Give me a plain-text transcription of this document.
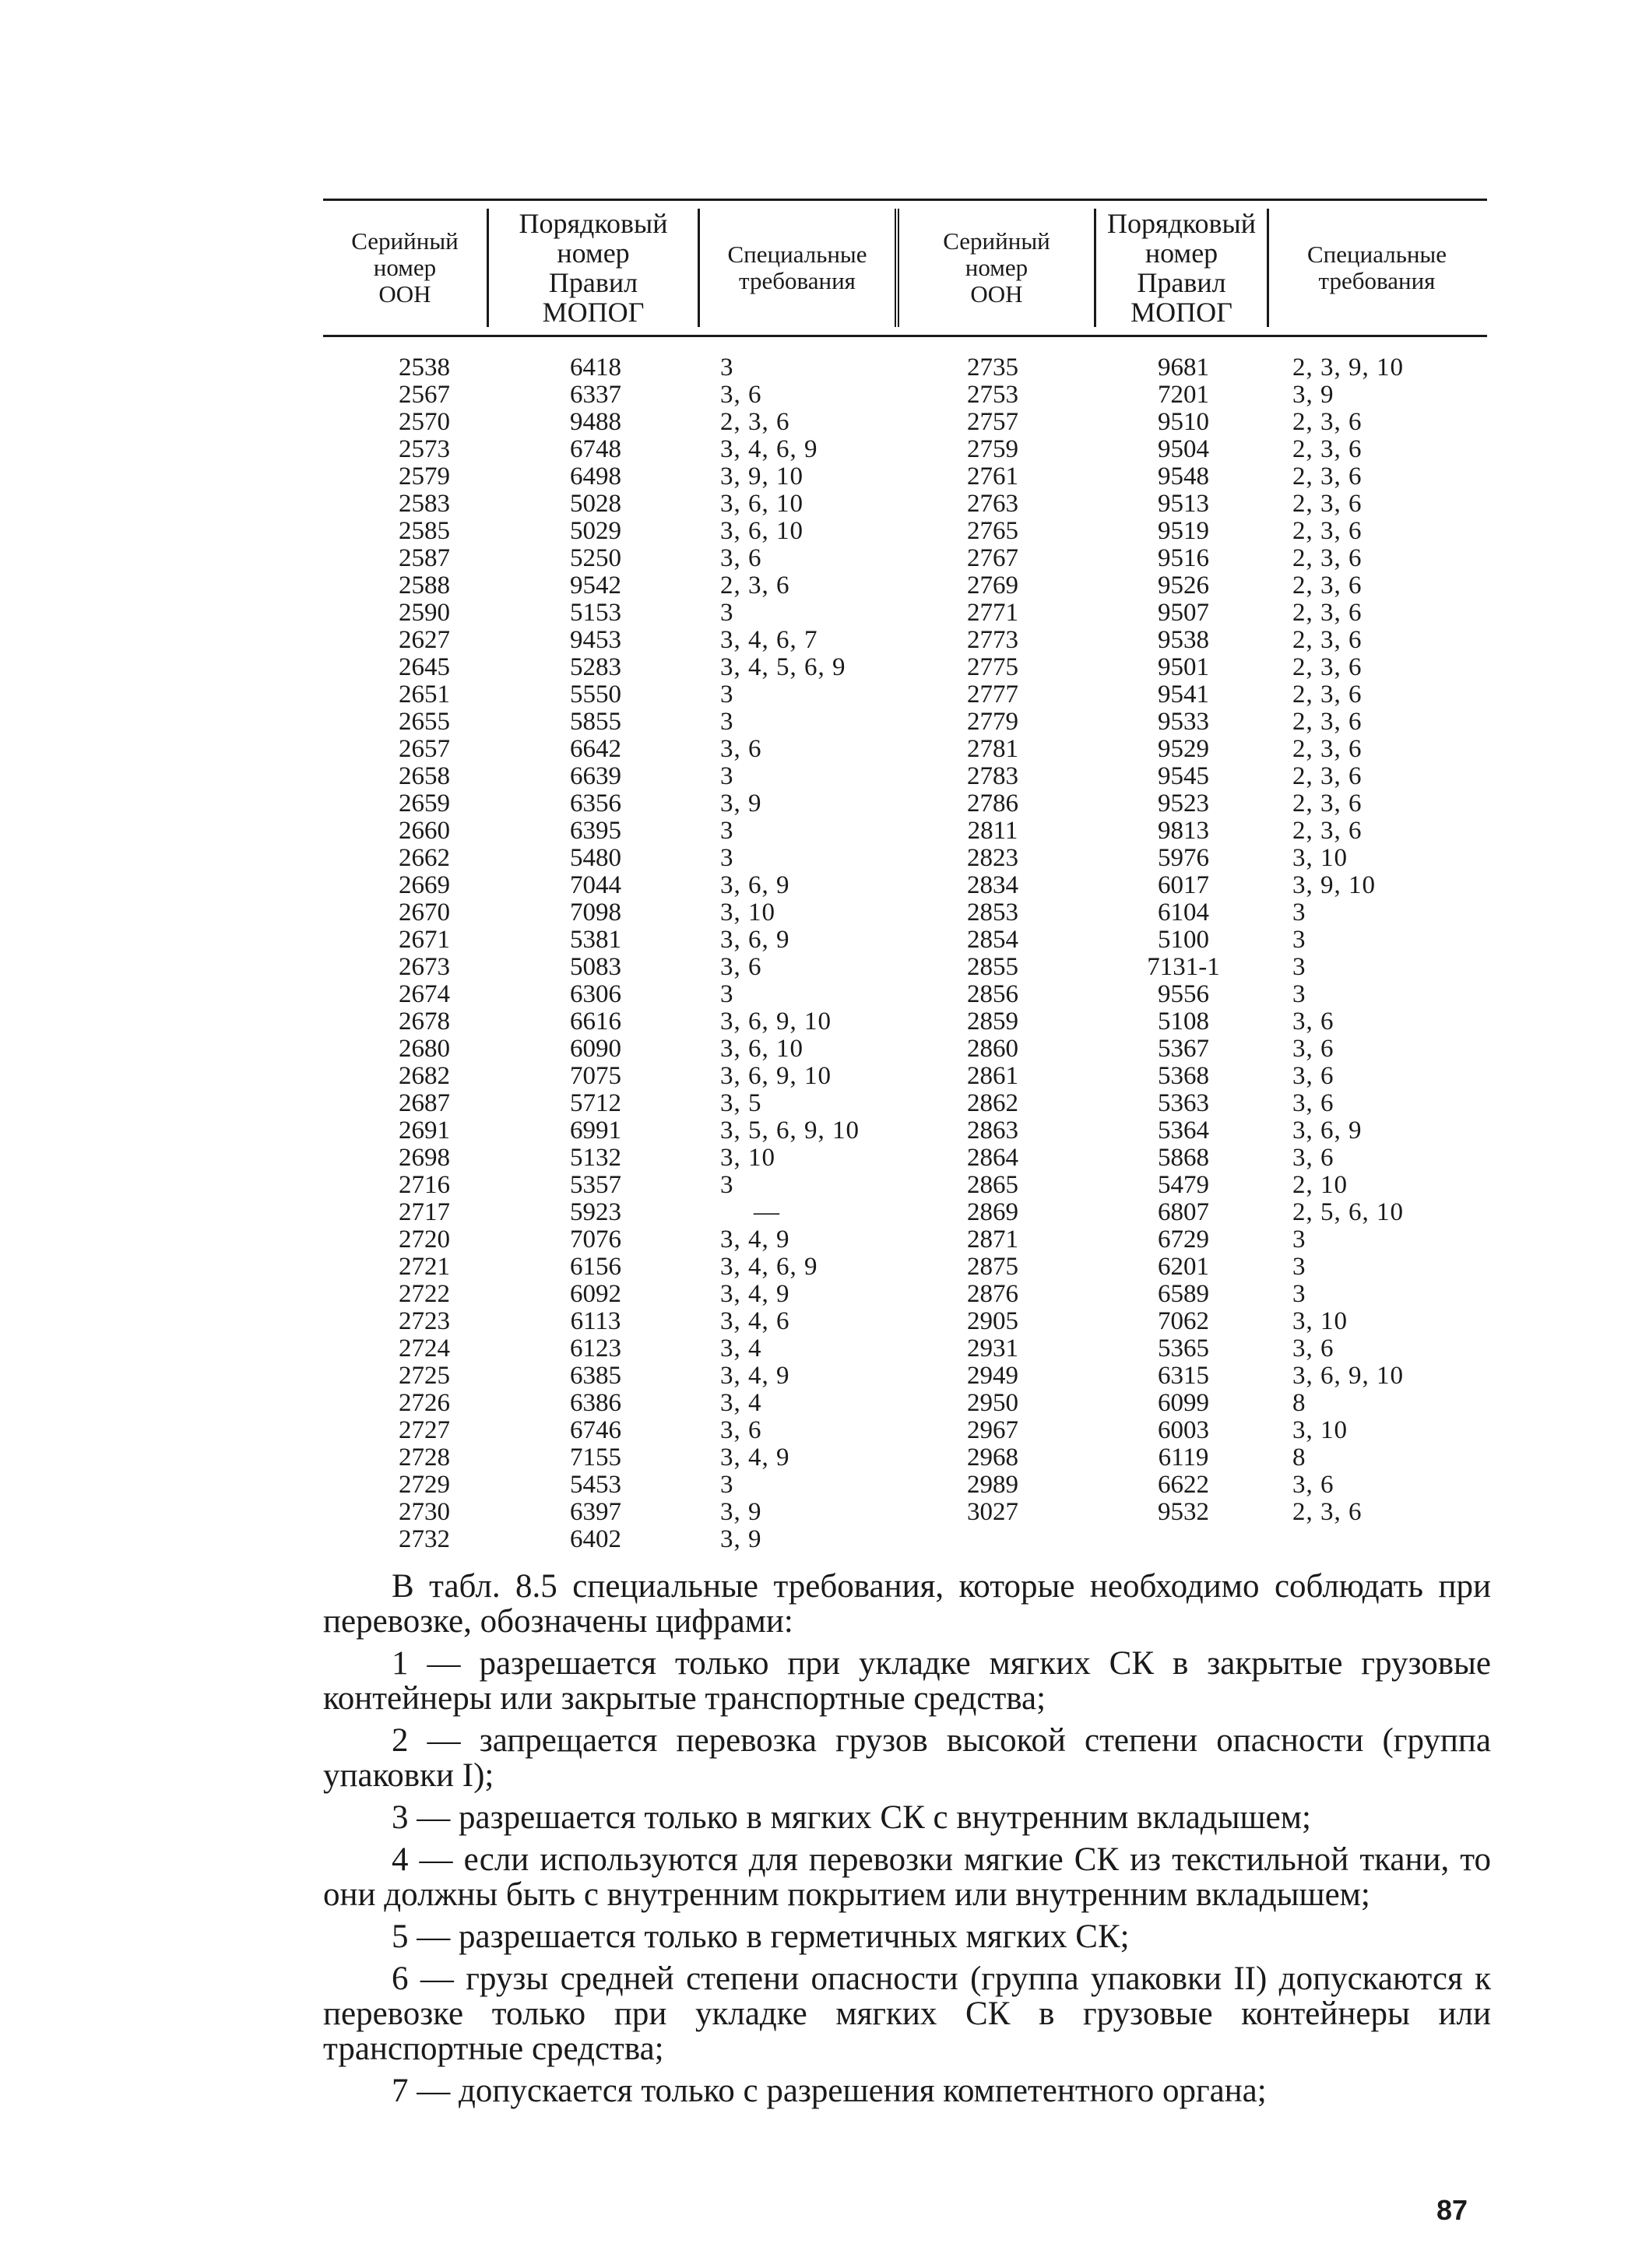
Серийный
номер
ООН
Порядковый
номер
Правил
МОПОГ
Специальные
требования
Серийный
номер
ООН
Порядковый
номер
Правил
МОПОГ
Специальные
требования
2538
2567
2570
2573
2579
2583
2585
2587
2588
2590
2627
2645
2651
2655
2657
2658
2659
2660
2662
2669
2670
2671
2673
2674
2678
2680
2682
2687
2691
2698
2716
2717
2720
2721
2722
2723
2724
2725
2726
2727
2728
2729
2730
2732
6418
6337
9488
6748
6498
5028
5029
5250
9542
5153
9453
5283
5550
5855
6642
6639
6356
6395
5480
7044
7098
5381
5083
6306
6616
6090
7075
5712
6991
5132
5357
5923
7076
6156
6092
6113
6123
6385
6386
6746
7155
5453
6397
6402
3
3, 6
2, 3, 6
3, 4, 6, 9
3, 9, 10
3, 6, 10
3, 6, 10
3, 6
2, 3, 6
3
3, 4, 6, 7
3, 4, 5, 6, 9
3
3
3, 6
3
3, 9
3
3
3, 6, 9
3, 10
3, 6, 9
3, 6
3
3, 6, 9, 10
3, 6, 10
3, 6, 9, 10
3, 5
3, 5, 6, 9, 10
3, 10
3
—
3, 4, 9
3, 4, 6, 9
3, 4, 9
3, 4, 6
3, 4
3, 4, 9
3, 4
3, 6
3, 4, 9
3
3, 9
3, 9
2735
2753
2757
2759
2761
2763
2765
2767
2769
2771
2773
2775
2777
2779
2781
2783
2786
2811
2823
2834
2853
2854
2855
2856
2859
2860
2861
2862
2863
2864
2865
2869
2871
2875
2876
2905
2931
2949
2950
2967
2968
2989
3027
9681
7201
9510
9504
9548
9513
9519
9516
9526
9507
9538
9501
9541
9533
9529
9545
9523
9813
5976
6017
6104
5100
7131-1
9556
5108
5367
5368
5363
5364
5868
5479
6807
6729
6201
6589
7062
5365
6315
6099
6003
6119
6622
9532
2, 3, 9, 10
3, 9
2, 3, 6
2, 3, 6
2, 3, 6
2, 3, 6
2, 3, 6
2, 3, 6
2, 3, 6
2, 3, 6
2, 3, 6
2, 3, 6
2, 3, 6
2, 3, 6
2, 3, 6
2, 3, 6
2, 3, 6
2, 3, 6
3, 10
3, 9, 10
3
3
3
3
3, 6
3, 6
3, 6
3, 6
3, 6, 9
3, 6
2, 10
2, 5, 6, 10
3
3
3
3, 10
3, 6
3, 6, 9, 10
8
3, 10
8
3, 6
2, 3, 6

В табл. 8.5 специальные требования, которые необходимо соблюдать при перевозке, обозначены цифрами:

1 — разрешается только при укладке мягких СК в закрытые грузовые контейнеры или закрытые транспортные средства;

2 — запрещается перевозка грузов высокой степени опасности (группа упаковки I);

3 — разрешается только в мягких СК с внутренним вкладышем;

4 — если используются для перевозки мягкие СК из текстильной ткани, то они должны быть с внутренним покрытием или внутренним вкладышем;

5 — разрешается только в герметичных мягких СК;

6 — грузы средней степени опасности (группа упаковки II) допускаются к перевозке только при укладке мягких СК в грузовые контейнеры или транспортные средства;

7 — допускается только с разрешения компетентного органа;

87
